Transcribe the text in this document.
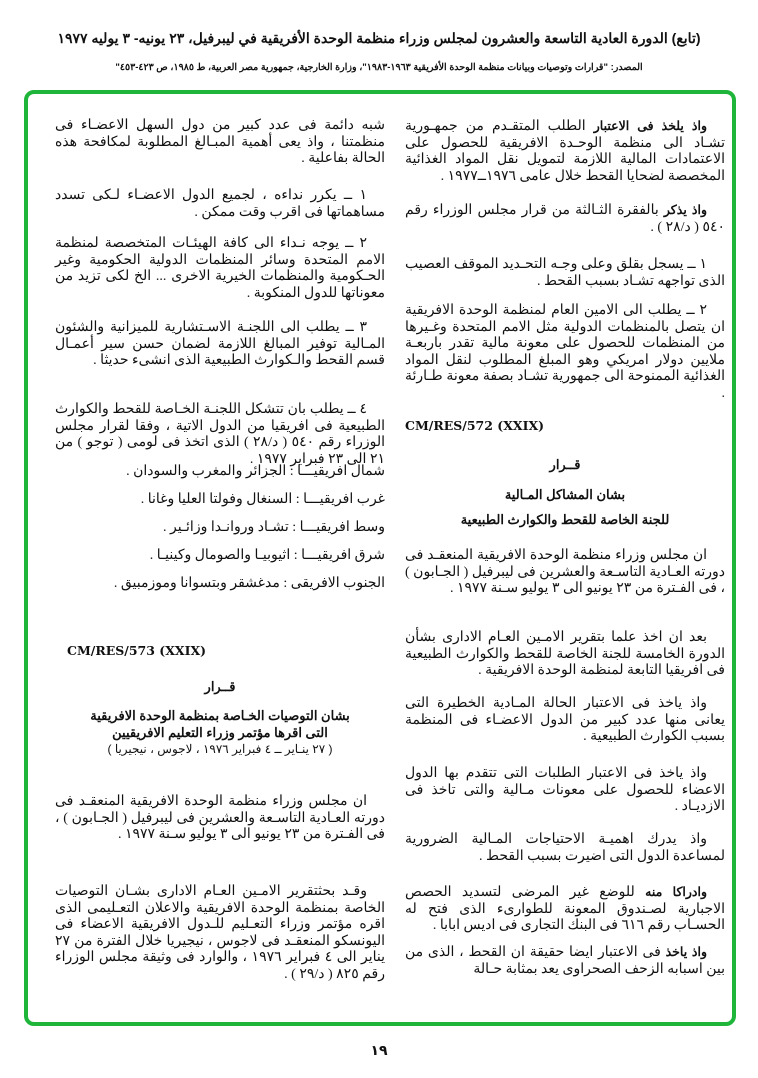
(تابع) الدورة العادية التاسعة والعشرون لمجلس وزراء منظمة الوحدة الأفريقية في ليبرفيل، ٢٣ يونيه- ٣ يوليه ١٩٧٧
المصدر: "قرارات وتوصيات وبيانات منظمة الوحدة الأفريقية ١٩٦٣-١٩٨٣"، وزارة الخارجية، جمهورية مصر العربية، ط ١٩٨٥، ص ٤٢٣-٤٥٣"

واذ يلخذ فى الاعتبار الطلب المتقـدم من جمهـورية تشـاد الى منظمة الوحـدة الافريقية للحصول على الاعتمادات المالية اللازمة لتمويل نقل المواد الغذائية المخصصة لضحايا القحط خلال عامى ١٩٧٦ــ١٩٧٧ .

واذ يذكر بالفقرة الثـالثة من قرار مجلس الوزراء رقم ٥٤٠ ( د/٢٨ ) .

١ ــ يسجل بقلق وعلى وجـه التحـديد الموقف العصيب الذى تواجهه تشـاد بسبب القحط .

٢ ــ يطلب الى الامين العام لمنظمة الوحدة الافريقية ان يتصل بالمنظمات الدولية مثل الامم المتحدة وغـيرها من المنظمات للحصول على معونة مالية تقدر باربعـة ملايين دولار امريكي وهو المبلغ المطلوب لنقل المواد الغذائية الممنوحة الى جمهورية تشـاد بصفة معونة طـارئة .

CM/RES/572 (XXIX)
قــرار
بشان المشاكل المـالية
للجنة الخاصة للقحط والكوارث الطبيعية

ان مجلس وزراء منظمة الوحدة الافريقية المنعقـد فى دورته العـادية التاسـعة والعشرين فى ليبرفيل ( الجـابون ) ، فى الفـترة من ٢٣ يونيو الى ٣ يوليو سـنة ١٩٧٧ .

بعد ان اخذ علما بتقرير الامـين العـام الادارى بشأن الدورة الخامسة للجنة الخاصة للقحط والكوارث الطبيعية فى افريقيا التابعة لمنظمة الوحدة الافريقية .

واذ ياخذ فى الاعتبار الحالة المـادية الخطيرة التى يعانى منها عدد كبير من الدول الاعضـاء فى المنظمة بسبب الكوارث الطبيعية .

واذ ياخذ فى الاعتبار الطلبات التى تتقدم بها الدول الاعضاء للحصول على معونات مـالية والتى تاخذ فى الازديـاد .

واذ يدرك اهميـة الاحتياجات المـالية الضرورية لمساعدة الدول التى اضيرت بسبب القحط .

وادراكا منه للوضع غير المرضى لتسديد الحصص الاجبارية لصـندوق المعونة للطوارىء الذى فتح له الحسـاب رقم ٦١٦ فى البنك التجارى فى اديس ابابا .

واذ ياخذ فى الاعتبار ايضا حقيقة ان القحط ، الذى من بين اسبابه الزحف الصحراوى يعد بمثابة حـالة

شبه دائمة فى عدد كبير من دول السهل الاعضـاء فى منظمتنا ، واذ يعى أهمية المبـالغ المطلوبة لمكافحة هذه الحالة بفاعلية .

١ ــ يكرر نداءه ، لجميع الدول الاعضـاء لـكى تسدد مساهماتها فى اقرب وقت ممكن .

٢ ــ يوجه نـداء الى كافة الهيئـات المتخصصة لمنظمة الامم المتحدة وسائر المنظمات الدولية الحكومية وغير الحـكومية والمنظمات الخيرية الاخرى ... الخ لكى تزيد من معوناتها للدول المنكوبة .

٣ ــ يطلب الى اللجنـة الاسـتشارية للميزانية والشئون المـالية توفير المبالغ اللازمة لضمان حسن سير أعمـال قسم القحط والـكوارث الطبيعية الذى انشىء حديثا .

٤ ــ يطلب بان تتشكل اللجنـة الخـاصة للقحط والكوارث الطبيعية فى افريقيا من الدول الاتية ، وفقا لقرار مجلس الوزراء رقم ٥٤٠ ( د/٢٨ ) الذى اتخذ فى لومى ( توجو ) من ٢١ الى ٢٣ فبراير ١٩٧٧ .

شمال افريقيـــا : الجزائر والمغرب والسودان .
غرب افريقيـــا : السنغال وفولتا العليا وغانا .
وسط افريقيـــا : تشـاد وروانـدا وزائـير .
شرق افريقيـــا : اثيوبيـا والصومال وكينيـا .
الجنوب الافريقى : مدغشقر وبتسوانا وموزمبيق .
CM/RES/573 (XXIX)
قــرار
بشان التوصيات الخـاصة بمنظمة الوحدة الافريقية
التى اقرها مؤتمر وزراء التعليم الافريقيين
( ٢٧ ينـاير ــ ٤ فبراير ١٩٧٦ ، لاجوس ، نيجيريا )

ان مجلس وزراء منظمة الوحدة الافريقية المنعقـد فى دورته العـادية التاسـعة والعشرين فى ليبرفيل ( الجـابون ) ، فى الفـترة من ٢٣ يونيو الى ٣ يوليو سـنة ١٩٧٧ .

وقـد بحثتقرير الامـين العـام الادارى بشـان التوصيات الخاصة بمنظمة الوحدة الافريقية والاعلان التعـليمى الذى اقره مؤتمر وزراء التعـليم للـدول الافريقية الاعضاء فى اليونسكو المنعقـد فى لاجوس ، نيجيريا خلال الفترة من ٢٧ يناير الى ٤ فبراير ١٩٧٦ ، والوارد فى وثيقة مجلس الوزراء رقم ٨٢٥ ( د/٢٩ ) .

١٩
